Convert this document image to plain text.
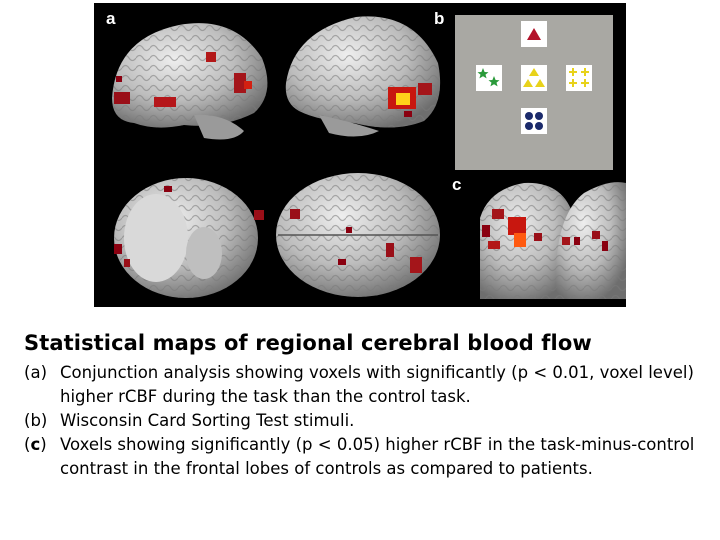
a	b
c
Statistical maps of regional cerebral blood flow
(a) Conjunction analysis showing voxels with significantly (p < 0.01, voxel level) higher rCBF during the task than the control task.
(b) Wisconsin Card Sorting Test stimuli.
(c) Voxels showing significantly (p < 0.05) higher rCBF in the task-minus-control contrast in the frontal lobes of controls as compared to patients.
